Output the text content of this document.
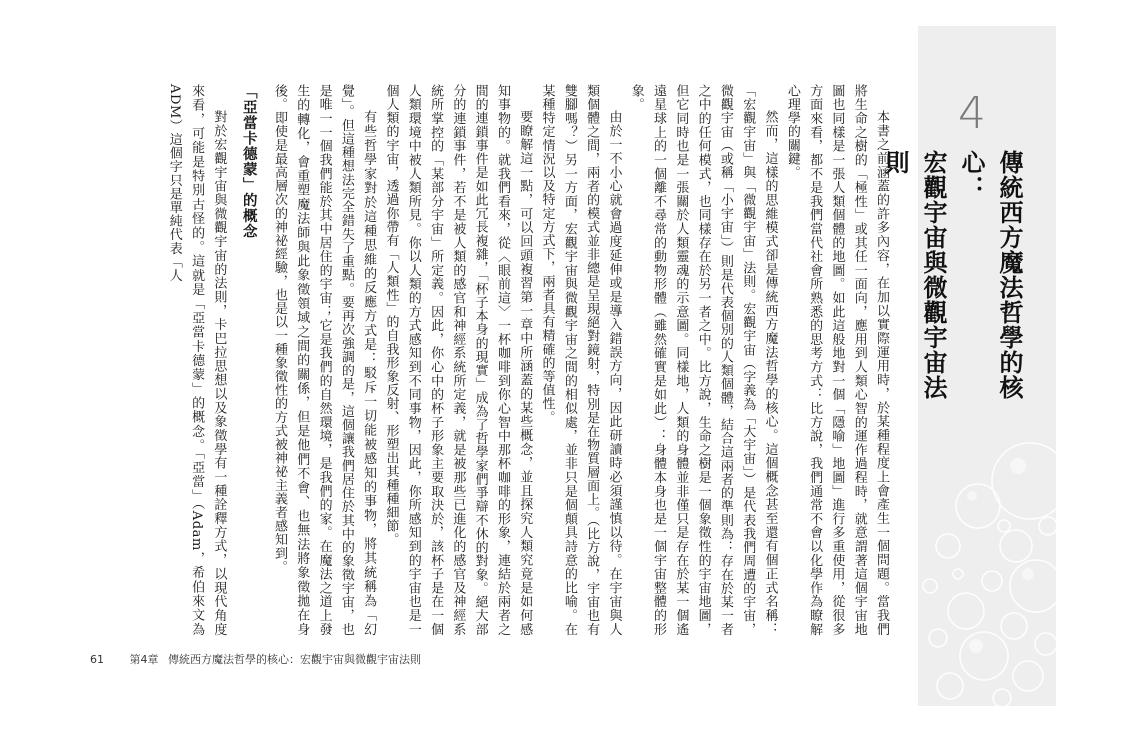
本書之前涵蓋的許多內容，在加以實際運用時，於某種程度上會產生一個問題。當我們將生命之樹的「極性」或其任一面向，應用到人類心智的運作過程時，就意謂著這個宇宙地圖也同樣是一張人類個體的地圖。如此這般地對一個「隱喻」地圖」進行多重使用，從很多方面來看，都不是我們當代社會所熟悉的思考方式：比方說，我們通常不會以化學作為瞭解心理學的關鍵。

然而，這樣的思維模式卻是傳統西方魔法哲學的核心。這個概念甚至還有個正式名稱：「宏觀宇宙」與「微觀宇宙」法則。宏觀宇宙（字義為「大宇宙」）是代表我們周遭的宇宙，微觀宇宙（或稱「小宇宙」）則是代表個別的人類個體，結合這兩者的準則為：存在於某一者之中的任何模式，也同樣存在於另一者之中。比方說，生命之樹是一個象徵性的宇宙地圖，但它同時也是一張關於人類靈魂的示意圖。同樣地，人類的身體並非僅只是存在於某一個遙遠星球上的一個離不尋常的動物形體（雖然確實是如此）：身體本身也是一個宇宙整體的形象。

由於一不小心就會過度延伸或是導入錯誤方向，因此研讀時必須謹慎以待。在宇宙與人類個體之間，兩者的模式並非總是呈現絕對鏡射，特別是在物質層面上。（比方說，宇宙也有雙腳嗎？）另一方面，宏觀宇宙與微觀宇宙之間的相似處，並非只是個顛具詩意的比喻。在某種特定情況以及特定方式下，兩者具有精確的等值性。

要瞭解這一點，可以回頭複習第一章中所涵蓋的某些概念，並且探究人類究竟是如何感知事物的。就我們看來，從〈眼前這〉一杯咖啡到你心智中那杯咖啡的形象，連結於兩者之間的連鎖事件是如此冗長複雜，「杯子本身的現實」成為了哲學家們爭辯不休的對象。絕大部分的連鎖事件，若不是被人類的感官和神經系統所定義，就是被那些已進化的感官及神經系統所掌控的「某部分宇宙」所定義。因此，你心中的杯子形象主要取決於，該杯子是在一個人類環境中被人類所見。你以人類的方式感知到不同事物，因此，你所感知到的宇宙也是一個人類的宇宙，透過你帶有「人類性」的自我形象反射、形塑出其種種細節。

有些哲學家對於這種思維的反應方式是：駁斥一切能被感知的事物，將其統稱為「幻覺」。但這種想法完全錯失了重點。要再次強調的是，這個讓我們居住於其中的象徵宇宙，也是唯一一個我們能於其中居住的宇宙；它是我們的自然環境，是我們的家。在魔法之道上發生的轉化，會重塑魔法師與此象徵領域之間的關係，但是他們不會、也無法將象徵拋在身後。即使是最高層次的神祕經驗，也是以一種象徵性的方式被神祕主義者感知到。

「亞當卡德蒙」的概念

對於宏觀宇宙與微觀宇宙的法則，卡巴拉思想以及象徵學有一種詮釋方式，以現代角度來看，可能是特別古怪的。這就是「亞當卡德蒙」的概念。「亞當」（Adam，希伯來文為ADM）這個字只是單純代表「人	4
傳統西方魔法哲學的核心：
宏觀宇宙與微觀宇宙法則
61 第4章 傳統西方魔法哲學的核心：宏觀宇宙與微觀宇宙法則
